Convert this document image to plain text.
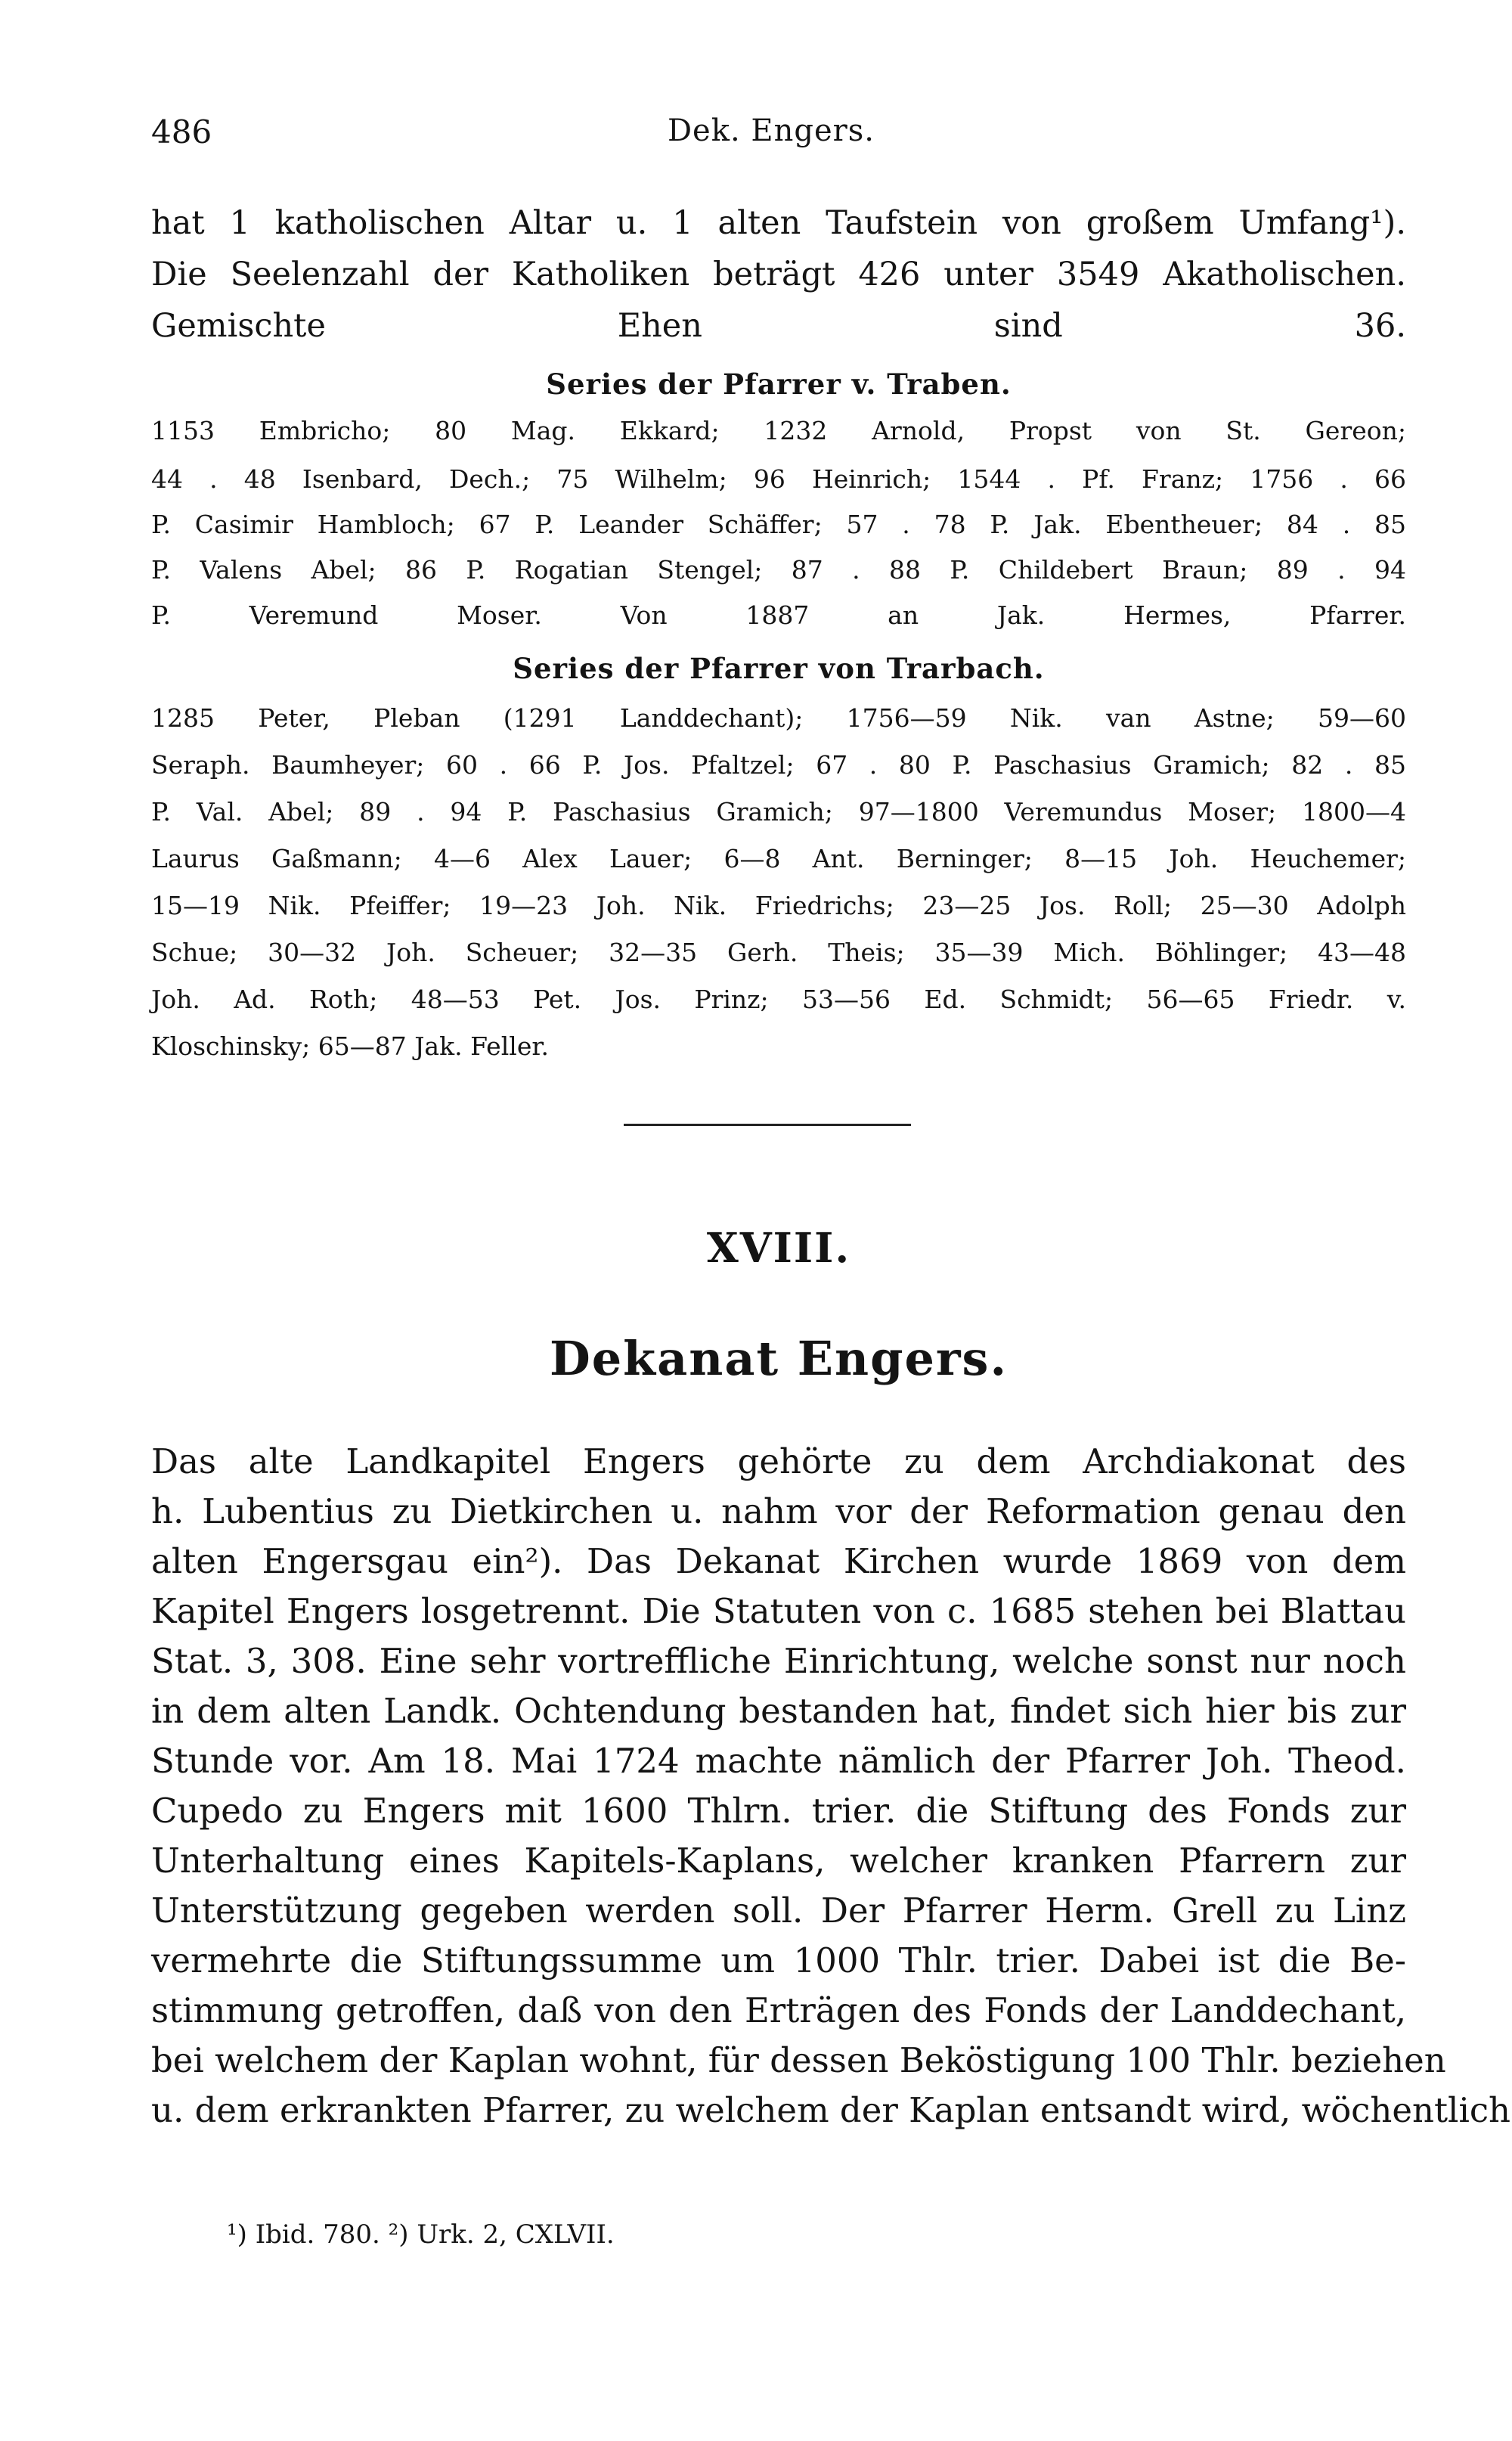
486	Dek. Engers.
hat 1 katholischen Altar u. 1 alten Taufstein von großem Umfang¹).
Die Seelenzahl der Katholiken beträgt 426 unter 3549 Akatholischen.
Gemischte Ehen sind 36.
Series der Pfarrer v. Traben.
1153 Embricho; 80 Mag. Ekkard; 1232 Arnold, Propst von St. Gereon;
44 . 48 Isenbard, Dech.; 75 Wilhelm; 96 Heinrich; 1544 . Pf. Franz; 1756 . 66
P. Casimir Hambloch; 67 P. Leander Schäffer; 57 . 78 P. Jak. Ebentheuer; 84 . 85
P. Valens Abel; 86 P. Rogatian Stengel; 87 . 88 P. Childebert Braun; 89 . 94
P. Veremund Moser. Von 1887 an Jak. Hermes, Pfarrer.
Series der Pfarrer von Trarbach.
1285 Peter, Pleban (1291 Landdechant); 1756—59 Nik. van Astne; 59—60
Seraph. Baumheyer; 60 . 66 P. Jos. Pfaltzel; 67 . 80 P. Paschasius Gramich; 82 . 85
P. Val. Abel; 89 . 94 P. Paschasius Gramich; 97—1800 Veremundus Moser; 1800—4
Laurus Gaßmann; 4—6 Alex Lauer; 6—8 Ant. Berninger; 8—15 Joh. Heuchemer;
15—19 Nik. Pfeiffer; 19—23 Joh. Nik. Friedrichs; 23—25 Jos. Roll; 25—30 Adolph
Schue; 30—32 Joh. Scheuer; 32—35 Gerh. Theis; 35—39 Mich. Böhlinger; 43—48
Joh. Ad. Roth; 48—53 Pet. Jos. Prinz; 53—56 Ed. Schmidt; 56—65 Friedr. v.
Kloschinsky; 65—87 Jak. Feller.
XVIII.
Dekanat Engers.
Das alte Landkapitel Engers gehörte zu dem Archdiakonat des
h. Lubentius zu Dietkirchen u. nahm vor der Reformation genau den
alten Engersgau ein²). Das Dekanat Kirchen wurde 1869 von dem
Kapitel Engers losgetrennt. Die Statuten von c. 1685 stehen bei Blattau
Stat. 3, 308. Eine sehr vortreffliche Einrichtung, welche sonst nur noch
in dem alten Landk. Ochtendung bestanden hat, findet sich hier bis zur
Stunde vor. Am 18. Mai 1724 machte nämlich der Pfarrer Joh. Theod.
Cupedo zu Engers mit 1600 Thlrn. trier. die Stiftung des Fonds zur
Unterhaltung eines Kapitels-Kaplans, welcher kranken Pfarrern zur
Unterstützung gegeben werden soll. Der Pfarrer Herm. Grell zu Linz
vermehrte die Stiftungssumme um 1000 Thlr. trier. Dabei ist die Be-
stimmung getroffen, daß von den Erträgen des Fonds der Landdechant,
bei welchem der Kaplan wohnt, für dessen Beköstigung 100 Thlr. beziehen
u. dem erkrankten Pfarrer, zu welchem der Kaplan entsandt wird, wöchentlich
¹) Ibid. 780. ²) Urk. 2, CXLVII.
